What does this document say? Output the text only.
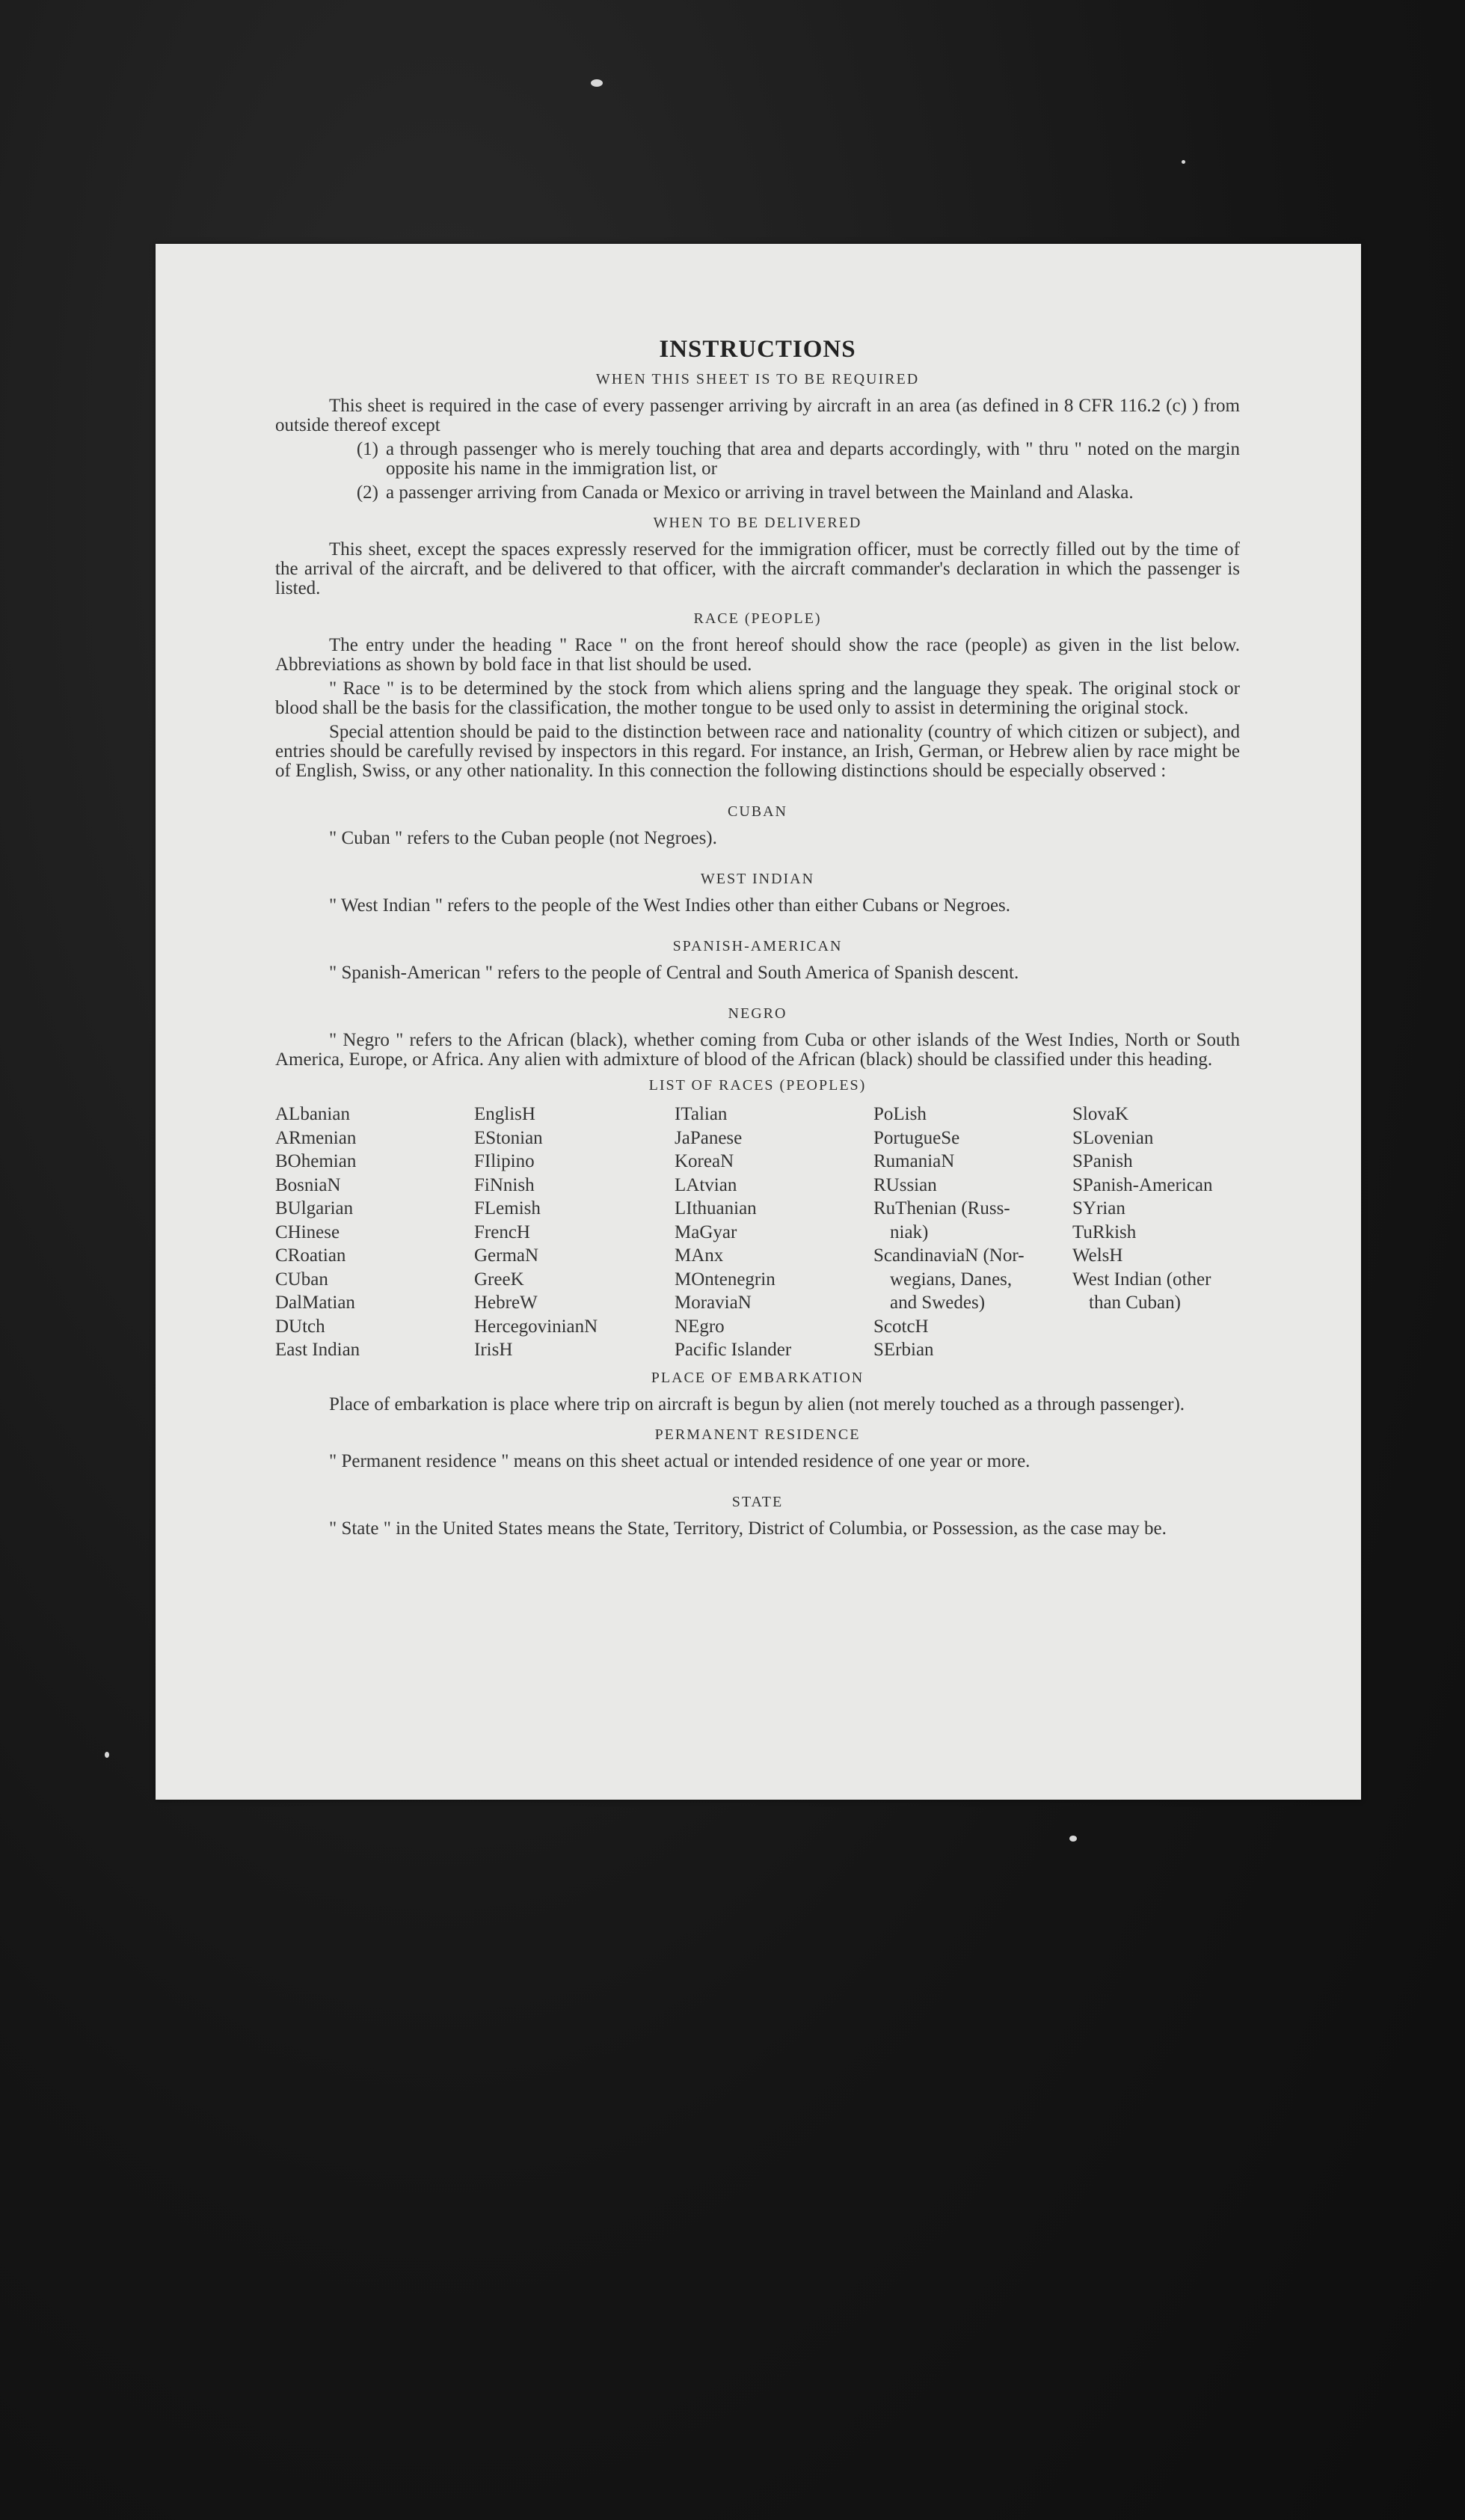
INSTRUCTIONS
WHEN THIS SHEET IS TO BE REQUIRED

This sheet is required in the case of every passenger arriving by aircraft in an area (as defined in 8 CFR 116.2 (c) ) from outside thereof except

(1) a through passenger who is merely touching that area and departs accordingly, with " thru " noted on the margin opposite his name in the immigration list, or
(2) a passenger arriving from Canada or Mexico or arriving in travel between the Mainland and Alaska.
WHEN TO BE DELIVERED

This sheet, except the spaces expressly reserved for the immigration officer, must be correctly filled out by the time of the arrival of the aircraft, and be delivered to that officer, with the aircraft commander's declaration in which the passenger is listed.

RACE (PEOPLE)

The entry under the heading " Race " on the front hereof should show the race (people) as given in the list below. Abbreviations as shown by bold face in that list should be used.

" Race " is to be determined by the stock from which aliens spring and the language they speak. The original stock or blood shall be the basis for the classification, the mother tongue to be used only to assist in determining the original stock.

Special attention should be paid to the distinction between race and nationality (country of which citizen or subject), and entries should be carefully revised by inspectors in this regard. For instance, an Irish, German, or Hebrew alien by race might be of English, Swiss, or any other nationality. In this connection the following distinctions should be especially observed :

CUBAN

" Cuban " refers to the Cuban people (not Negroes).

WEST INDIAN

" West Indian " refers to the people of the West Indies other than either Cubans or Negroes.

SPANISH-AMERICAN

" Spanish-American " refers to the people of Central and South America of Spanish descent.

NEGRO

" Negro " refers to the African (black), whether coming from Cuba or other islands of the West Indies, North or South America, Europe, or Africa. Any alien with admixture of blood of the African (black) should be classified under this heading.

LIST OF RACES (PEOPLES)
ALbanian
ARmenian
BOhemian
BosniaN
BUlgarian
CHinese
CRoatian
CUban
DalMatian
DUtch
East Indian
EnglisH
EStonian
FIlipino
FiNnish
FLemish
FrencH
GermaN
GreeK
HebreW
HercegovinianN
IrisH
ITalian
JaPanese
KoreaN
LAtvian
LIthuanian
MaGyar
MAnx
MOntenegrin
MoraviaN
NEgro
Pacific Islander
PoLish
PortugueSe
RumaniaN
RUssian
RuThenian (Russ-
niak)
ScandinaviaN (Nor-
wegians, Danes,
and Swedes)
ScotcH
SErbian
SlovaK
SLovenian
SPanish
SPanish-American
SYrian
TuRkish
WelsH
West Indian (other
than Cuban)
PLACE OF EMBARKATION

Place of embarkation is place where trip on aircraft is begun by alien (not merely touched as a through passenger).

PERMANENT RESIDENCE

" Permanent residence " means on this sheet actual or intended residence of one year or more.

STATE

" State " in the United States means the State, Territory, District of Columbia, or Possession, as the case may be.
